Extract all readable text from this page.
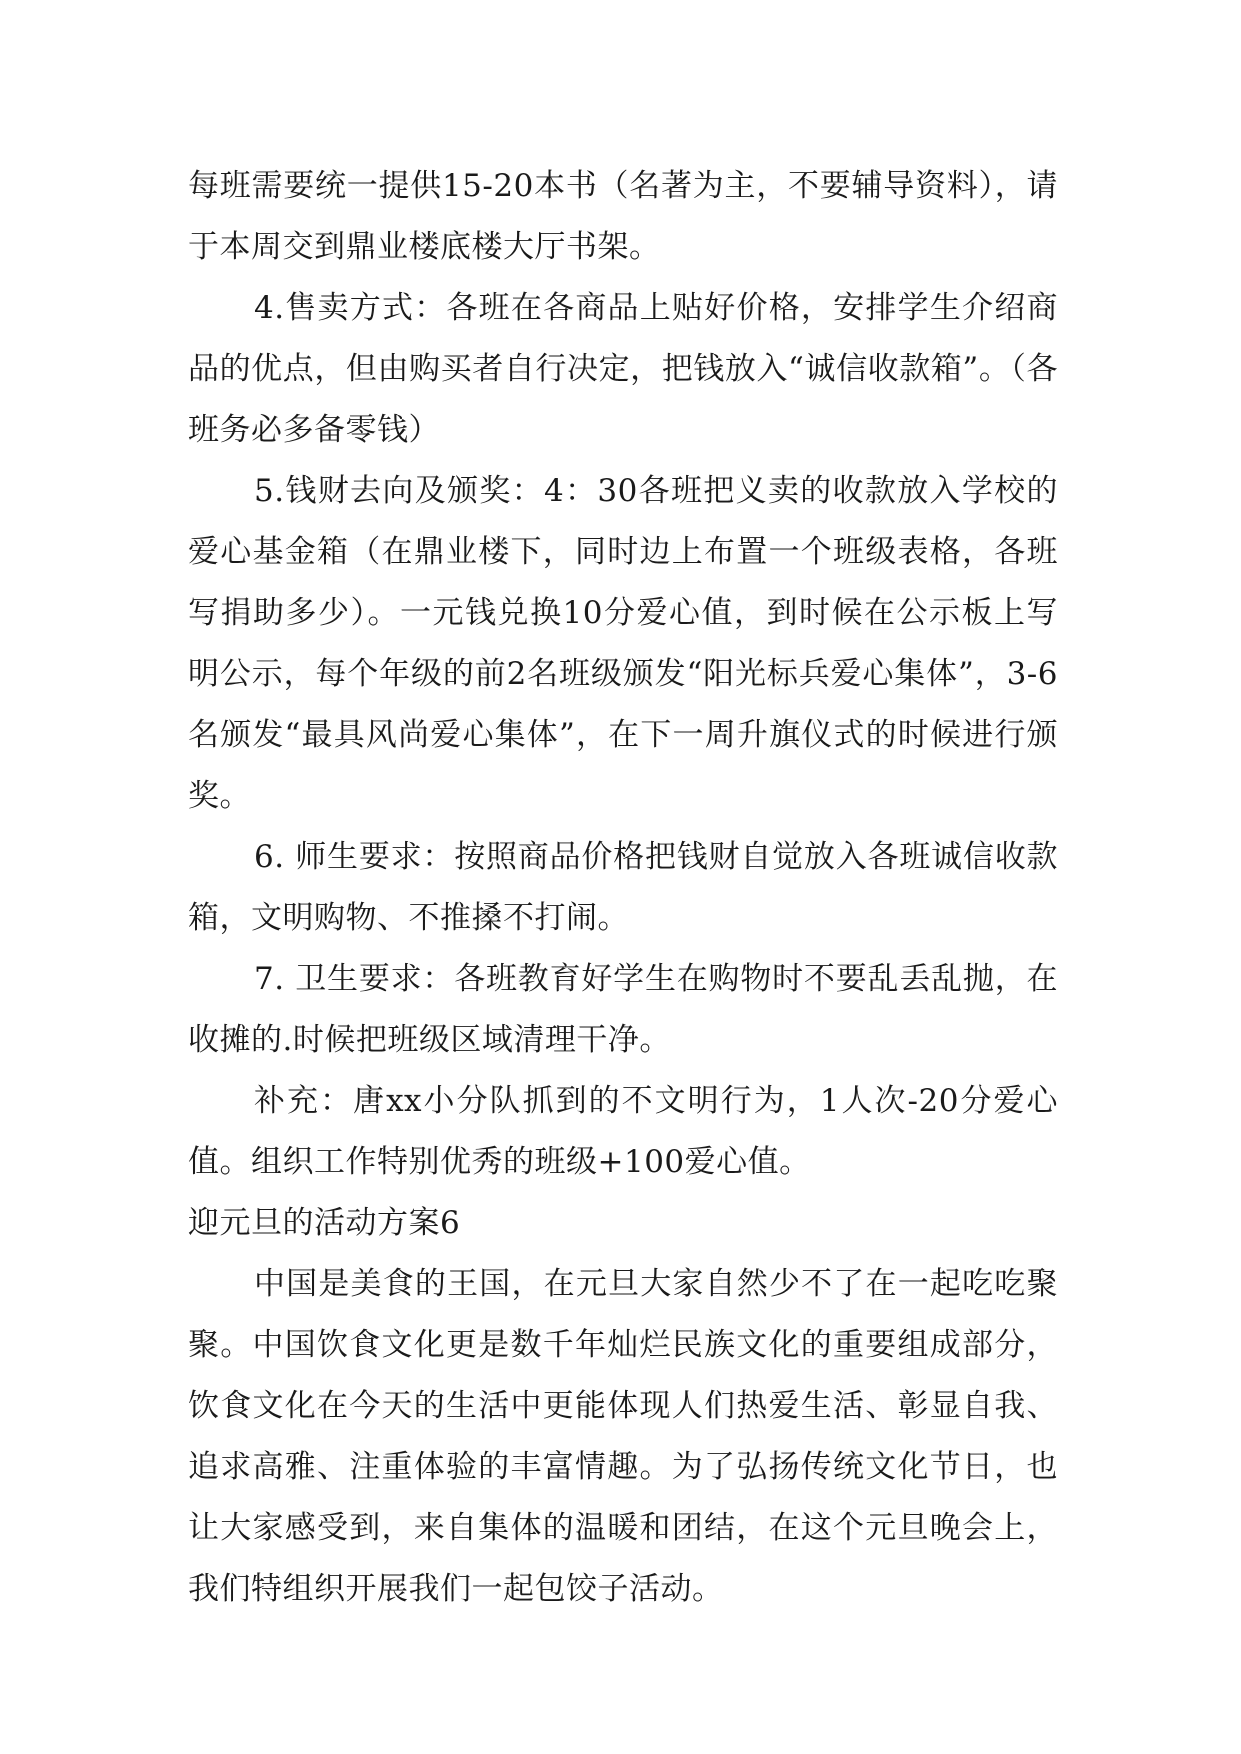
每班需要统一提供15-20本书（名著为主，不要辅导资料），请于本周交到鼎业楼底楼大厅书架。

4.售卖方式：各班在各商品上贴好价格，安排学生介绍商品的优点，但由购买者自行决定，把钱放入“诚信收款箱”。（各班务必多备零钱）

5.钱财去向及颁奖：4：30各班把义卖的收款放入学校的爱心基金箱（在鼎业楼下，同时边上布置一个班级表格，各班写捐助多少）。一元钱兑换10分爱心值，到时候在公示板上写明公示，每个年级的前2名班级颁发“阳光标兵爱心集体”，3-6名颁发“最具风尚爱心集体”，在下一周升旗仪式的时候进行颁奖。

6. 师生要求：按照商品价格把钱财自觉放入各班诚信收款箱，文明购物、不推搡不打闹。

7. 卫生要求：各班教育好学生在购物时不要乱丢乱抛，在收摊的.时候把班级区域清理干净。

补充：唐xx小分队抓到的不文明行为，1人次-20分爱心值。组织工作特别优秀的班级+100爱心值。

迎元旦的活动方案6

中国是美食的王国，在元旦大家自然少不了在一起吃吃聚聚。中国饮食文化更是数千年灿烂民族文化的重要组成部分，饮食文化在今天的生活中更能体现人们热爱生活、彰显自我、追求高雅、注重体验的丰富情趣。为了弘扬传统文化节日，也让大家感受到，来自集体的温暖和团结，在这个元旦晚会上，我们特组织开展我们一起包饺子活动。
